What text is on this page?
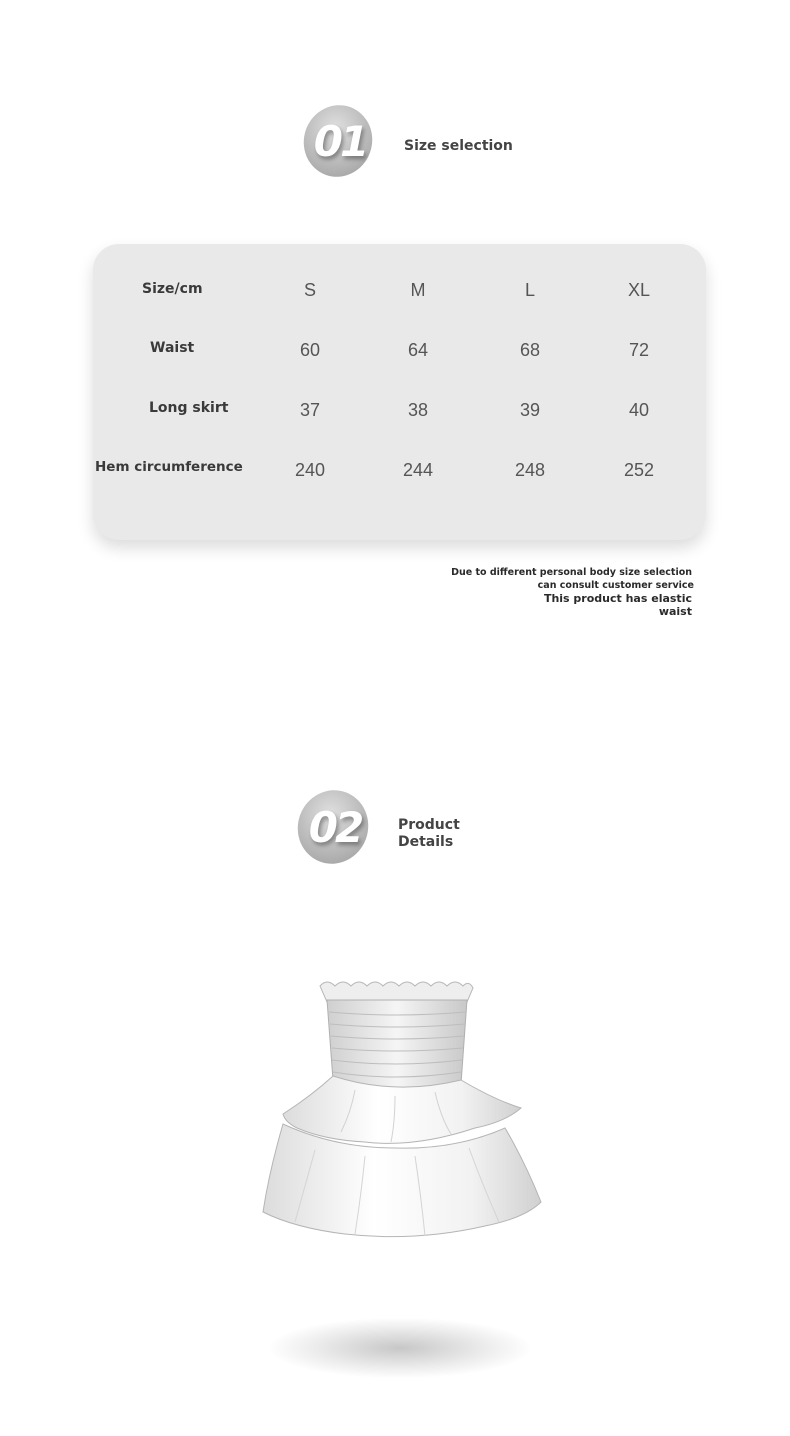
01	Size selection
Size/cm	S	M	L	XL
Waist	60	64	68	72
Long skirt	37	38	39	40
Hem circumference	240	244	248	252
Due to different personal body size selection
can consult customer service
This product has elastic
waist
02	Product
Details
